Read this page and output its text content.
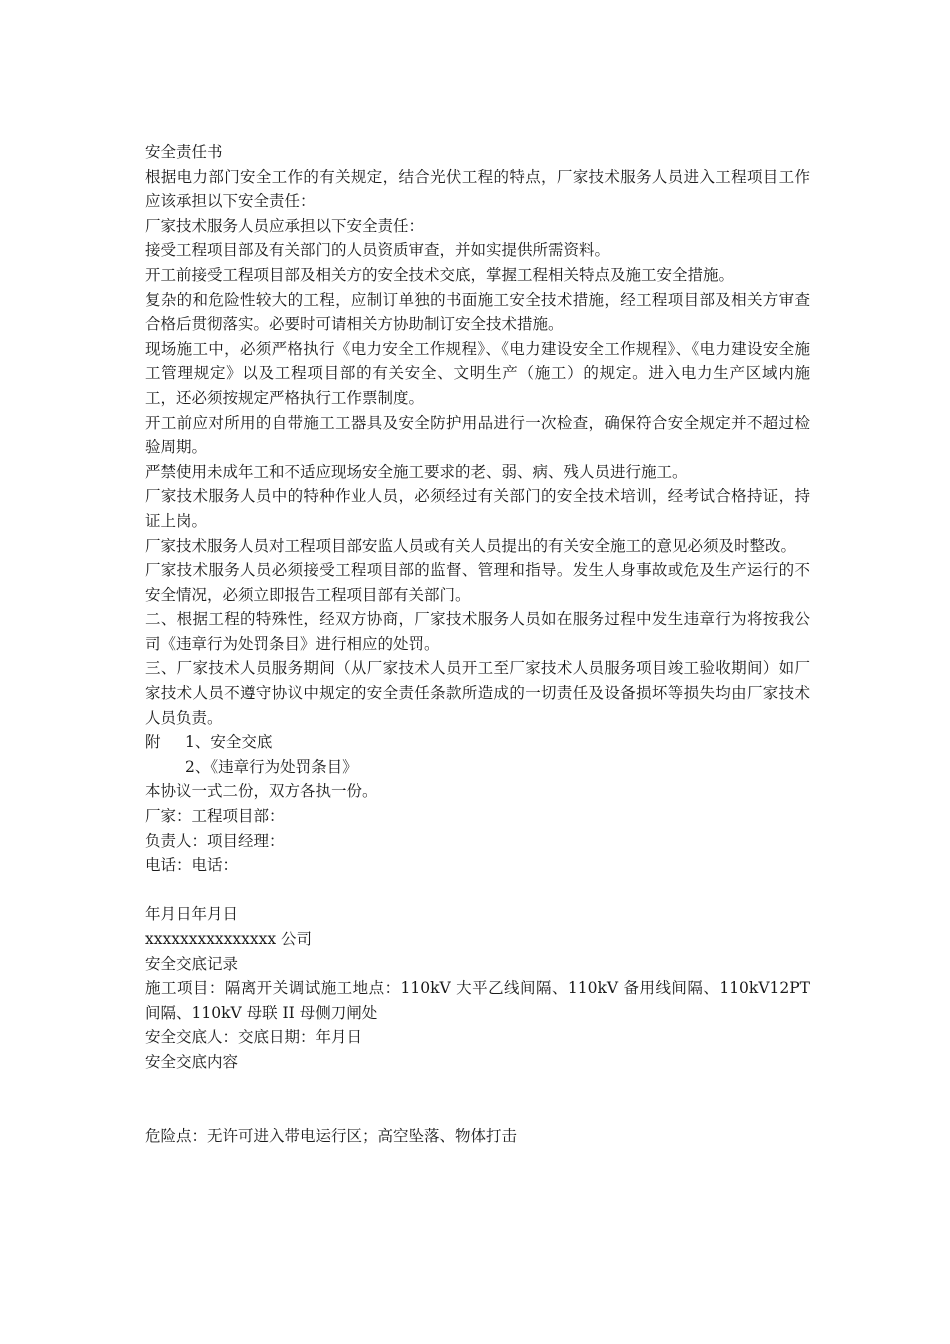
安全责任书

根据电力部门安全工作的有关规定，结合光伏工程的特点，厂家技术服务人员进入工程项目工作应该承担以下安全责任：

厂家技术服务人员应承担以下安全责任：

接受工程项目部及有关部门的人员资质审查，并如实提供所需资料。

开工前接受工程项目部及相关方的安全技术交底，掌握工程相关特点及施工安全措施。

复杂的和危险性较大的工程，应制订单独的书面施工安全技术措施，经工程项目部及相关方审查合格后贯彻落实。必要时可请相关方协助制订安全技术措施。

现场施工中，必须严格执行《电力安全工作规程》、《电力建设安全工作规程》、《电力建设安全施工管理规定》以及工程项目部的有关安全、文明生产（施工）的规定。进入电力生产区域内施工，还必须按规定严格执行工作票制度。

开工前应对所用的自带施工工器具及安全防护用品进行一次检查，确保符合安全规定并不超过检验周期。

严禁使用未成年工和不适应现场安全施工要求的老、弱、病、残人员进行施工。

厂家技术服务人员中的特种作业人员，必须经过有关部门的安全技术培训，经考试合格持证，持证上岗。

厂家技术服务人员对工程项目部安监人员或有关人员提出的有关安全施工的意见必须及时整改。

厂家技术服务人员必须接受工程项目部的监督、管理和指导。发生人身事故或危及生产运行的不安全情况，必须立即报告工程项目部有关部门。

二、根据工程的特殊性，经双方协商，厂家技术服务人员如在服务过程中发生违章行为将按我公司《违章行为处罚条目》进行相应的处罚。

三、厂家技术人员服务期间（从厂家技术人员开工至厂家技术人员服务项目竣工验收期间）如厂家技术人员不遵守协议中规定的安全责任条款所造成的一切责任及设备损坏等损失均由厂家技术人员负责。

附	1、安全交底
2、《违章行为处罚条目》

本协议一式二份，双方各执一份。

厂家：工程项目部：

负责人：项目经理：

电话：电话：

年月日年月日

xxxxxxxxxxxxxxx 公司

安全交底记录

施工项目：隔离开关调试施工地点：110kV 大平乙线间隔、110kV 备用线间隔、110kV12PT间隔、110kV 母联 II 母侧刀闸处

安全交底人：交底日期：年月日

安全交底内容

危险点：无许可进入带电运行区；高空坠落、物体打击
